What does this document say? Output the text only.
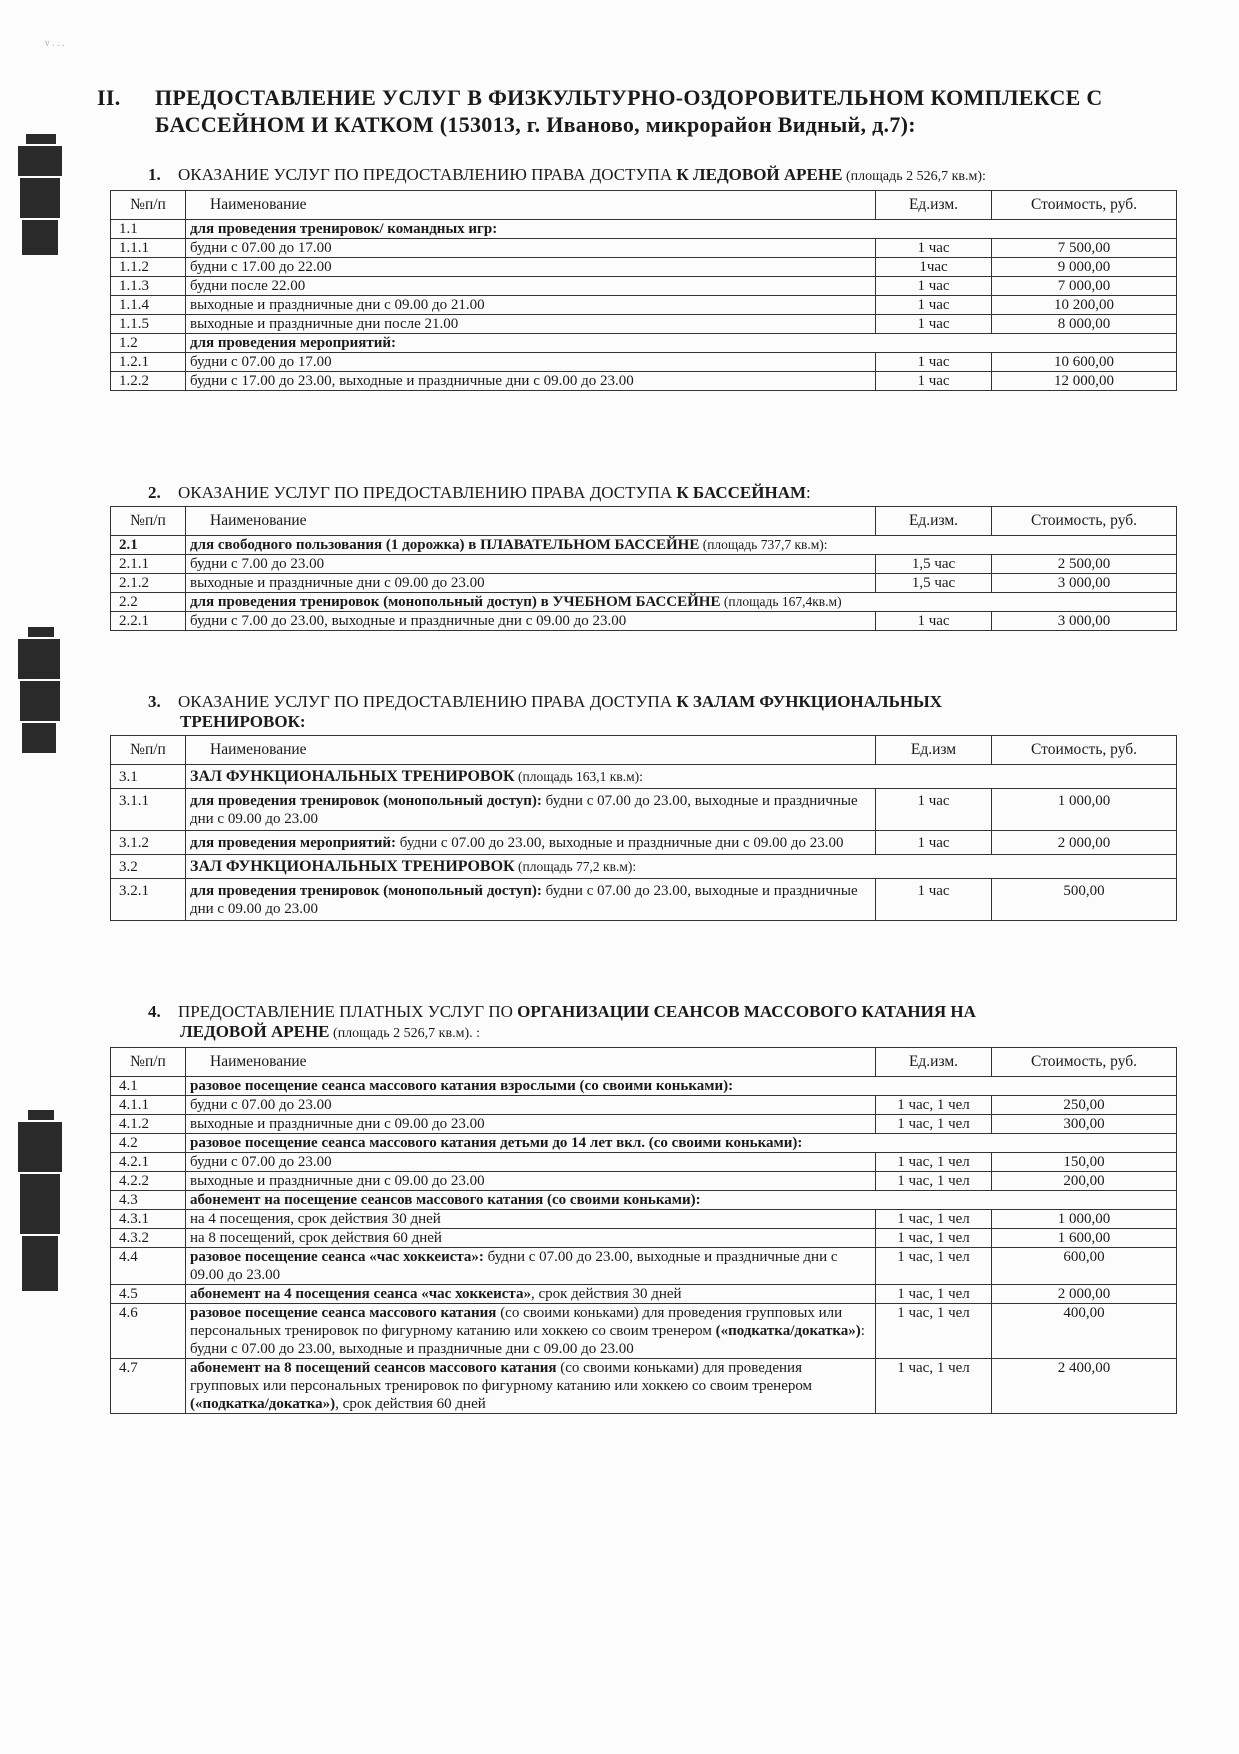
ν . . .
II. ПРЕДОСТАВЛЕНИЕ УСЛУГ В ФИЗКУЛЬТУРНО-ОЗДОРОВИТЕЛЬНОМ КОМПЛЕКСЕ С
БАССЕЙНОМ И КАТКОМ (153013, г. Иваново, микрорайон Видный, д.7):
1. ОКАЗАНИЕ УСЛУГ ПО ПРЕДОСТАВЛЕНИЮ ПРАВА ДОСТУПА К ЛЕДОВОЙ АРЕНЕ (площадь 2 526,7 кв.м):
№п/п	Наименование	Ед.изм.	Стоимость, руб.
1.1	для проведения тренировок/ командных игр:		
1.1.1	будни с 07.00 до 17.00	1 час	7 500,00
1.1.2	будни с 17.00 до 22.00	1час	9 000,00
1.1.3	будни после 22.00	1 час	7 000,00
1.1.4	выходные и праздничные дни с 09.00 до 21.00	1 час	10 200,00
1.1.5	выходные и праздничные дни после 21.00	1 час	8 000,00
1.2	для проведения мероприятий:		
1.2.1	будни с 07.00 до 17.00	1 час	10 600,00
1.2.2	будни с 17.00 до 23.00, выходные и праздничные дни с 09.00 до 23.00	1 час	12 000,00
2. ОКАЗАНИЕ УСЛУГ ПО ПРЕДОСТАВЛЕНИЮ ПРАВА ДОСТУПА К БАССЕЙНАМ:
№п/п	Наименование	Ед.изм.	Стоимость, руб.
2.1	для свободного пользования (1 дорожка) в ПЛАВАТЕЛЬНОМ БАССЕЙНЕ (площадь 737,7 кв.м):		
2.1.1	будни с 7.00 до 23.00	1,5 час	2 500,00
2.1.2	выходные и праздничные дни с 09.00 до 23.00	1,5 час	3 000,00
2.2	для проведения тренировок (монопольный доступ) в УЧЕБНОМ БАССЕЙНЕ (площадь 167,4кв.м)		
2.2.1	будни с 7.00 до 23.00, выходные и праздничные дни с 09.00 до 23.00	1 час	3 000,00
3. ОКАЗАНИЕ УСЛУГ ПО ПРЕДОСТАВЛЕНИЮ ПРАВА ДОСТУПА К ЗАЛАМ ФУНКЦИОНАЛЬНЫХ
ТРЕНИРОВОК:
№п/п	Наименование	Ед.изм	Стоимость, руб.
3.1	ЗАЛ ФУНКЦИОНАЛЬНЫХ ТРЕНИРОВОК (площадь 163,1 кв.м):		
3.1.1	для проведения тренировок (монопольный доступ): будни с 07.00 до 23.00, выходные и праздничные дни с 09.00 до 23.00	1 час	1 000,00
3.1.2	для проведения мероприятий: будни с 07.00 до 23.00, выходные и праздничные дни с 09.00 до 23.00	1 час	2 000,00
3.2	ЗАЛ ФУНКЦИОНАЛЬНЫХ ТРЕНИРОВОК (площадь 77,2 кв.м):		
3.2.1	для проведения тренировок (монопольный доступ): будни с 07.00 до 23.00, выходные и праздничные дни с 09.00 до 23.00	1 час	500,00
4. ПРЕДОСТАВЛЕНИЕ ПЛАТНЫХ УСЛУГ ПО ОРГАНИЗАЦИИ СЕАНСОВ МАССОВОГО КАТАНИЯ НА
ЛЕДОВОЙ АРЕНЕ (площадь 2 526,7 кв.м). :
№п/п	Наименование	Ед.изм.	Стоимость, руб.
4.1	разовое посещение сеанса массового катания взрослыми (со своими коньками):		
4.1.1	будни с 07.00 до 23.00	1 час, 1 чел	250,00
4.1.2	выходные и праздничные дни с 09.00 до 23.00	1 час, 1 чел	300,00
4.2	разовое посещение сеанса массового катания детьми до 14 лет вкл. (со своими коньками):		
4.2.1	будни с 07.00 до 23.00	1 час, 1 чел	150,00
4.2.2	выходные и праздничные дни с 09.00 до 23.00	1 час, 1 чел	200,00
4.3	абонемент на посещение сеансов массового катания (со своими коньками):		
4.3.1	на 4 посещения, срок действия 30 дней	1 час, 1 чел	1 000,00
4.3.2	на 8 посещений, срок действия 60 дней	1 час, 1 чел	1 600,00
4.4	разовое посещение сеанса «час хоккеиста»: будни с 07.00 до 23.00, выходные и праздничные дни с 09.00 до 23.00	1 час, 1 чел	600,00
4.5	абонемент на 4 посещения сеанса «час хоккеиста», срок действия 30 дней	1 час, 1 чел	2 000,00
4.6	разовое посещение сеанса массового катания (со своими коньками) для проведения групповых или персональных тренировок по фигурному катанию или хоккею со своим тренером («подкатка/докатка»): будни с 07.00 до 23.00, выходные и праздничные дни с 09.00 до 23.00	1 час, 1 чел	400,00
4.7	абонемент на 8 посещений сеансов массового катания (со своими коньками) для проведения групповых или персональных тренировок по фигурному катанию или хоккею со своим тренером («подкатка/докатка»), срок действия 60 дней	1 час, 1 чел	2 400,00
